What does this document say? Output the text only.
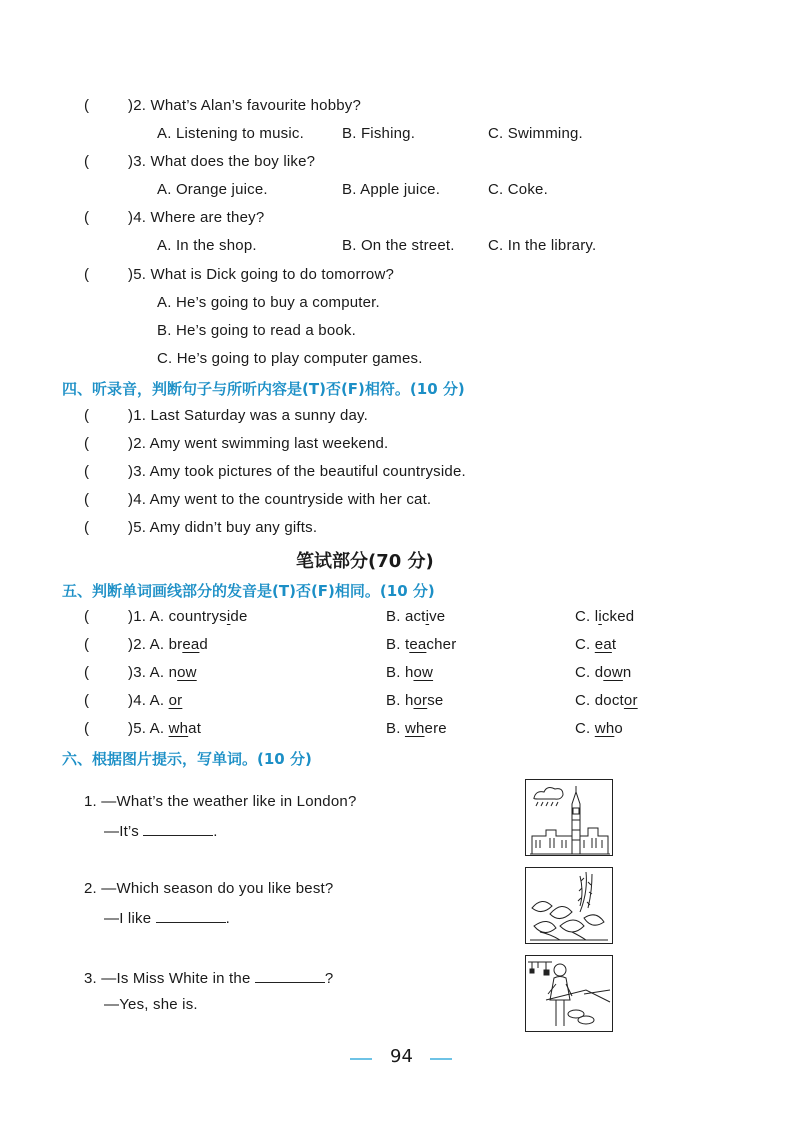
(	)2. What’s Alan’s favourite hobby?
A. Listening to music.	B. Fishing.	C. Swimming.
(	)3. What does the boy like?
A. Orange juice.	B. Apple juice.	C. Coke.
(	)4. Where are they?
A. In the shop.	B. On the street. C. In the library.
(	)5. What is Dick going to do tomorrow?
A. He’s going to buy a computer.
B. He’s going to read a book.
C. He’s going to play computer games.
四、听录音，判断句子与所听内容是(T)否(F)相符。(10 分)
(	)1. Last Saturday was a sunny day.
(	)2. Amy went swimming last weekend.
(	)3. Amy took pictures of the beautiful countryside.
(	)4. Amy went to the countryside with her cat.
(	)5. Amy didn’t buy any gifts.
笔试部分(70 分)
五、判断单词画线部分的发音是(T)否(F)相同。(10 分)
(	)1. A. countryside	B. active	C. licked
(	)2. A. bread	B. teacher	C. eat
(	)3. A. now	B. how	C. down
(	)4. A. or	B. horse	C. doctor
(	)5. A. what	B. where	C. who
六、根据图片提示，写单词。(10 分)
1. —What’s the weather like in London?
—It’s	.
2. —Which season do you like best?
—I like	.
3. —Is Miss White in the	?
—Yes, she is.
94
